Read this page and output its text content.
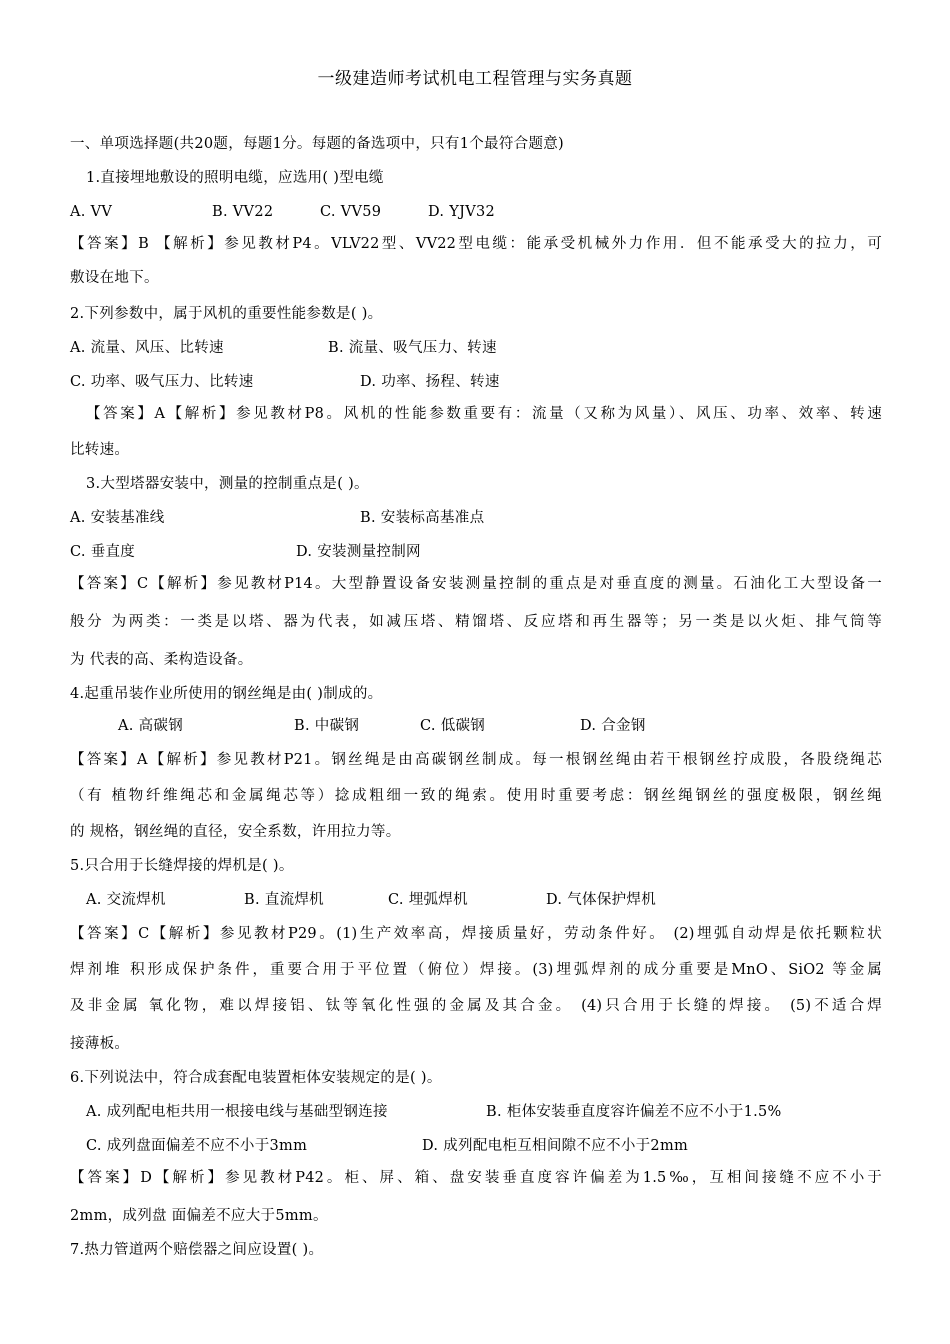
一级建造师考试机电工程管理与实务真题
一、单项选择题(共20题，每题1分。每题的备选项中，只有1个最符合题意)
1.直接埋地敷设的照明电缆，应选用( )型电缆
A. VV	B. VV22	C. VV59	D. YJV32
【答案】B 【解析】参见教材P4。VLV22型、VV22型电缆：能承受机械外力作用．但不能承受大的拉力，可
敷设在地下。
2.下列参数中，属于风机的重要性能参数是( )。
A. 流量、风压、比转速	B. 流量、吸气压力、转速
C. 功率、吸气压力、比转速	D. 功率、扬程、转速
【答案】A【解析】参见教材P8。风机的性能参数重要有：流量（又称为风量）、风压、功率、效率、转速
比转速。
3.大型塔器安装中，测量的控制重点是( )。
A. 安装基准线	B. 安装标高基准点
C. 垂直度	D. 安装测量控制网
【答案】C【解析】参见教材P14。大型静置设备安装测量控制的重点是对垂直度的测量。石油化工大型设备一
般分 为两类：一类是以塔、器为代表，如减压塔、精馏塔、反应塔和再生器等；另一类是以火炬、排气筒等
为 代表的高、柔构造设备。
4.起重吊装作业所使用的钢丝绳是由( )制成的。
A. 高碳钢	B. 中碳钢	C. 低碳钢	D. 合金钢
【答案】A【解析】参见教材P21。钢丝绳是由高碳钢丝制成。每一根钢丝绳由若干根钢丝拧成股，各股绕绳芯
（有 植物纤维绳芯和金属绳芯等）捻成粗细一致的绳索。使用时重要考虑：钢丝绳钢丝的强度极限，钢丝绳
的 规格，钢丝绳的直径，安全系数，许用拉力等。
5.只合用于长缝焊接的焊机是( )。
A. 交流焊机	B. 直流焊机	C. 埋弧焊机	D. 气体保护焊机
【答案】C【解析】参见教材P29。(1)生产效率高，焊接质量好，劳动条件好。 (2)埋弧自动焊是依托颗粒状
焊剂堆 积形成保护条件，重要合用于平位置（俯位）焊接。(3)埋弧焊剂的成分重要是MnO、SiO2 等金属
及非金属 氧化物，难以焊接铝、钛等氧化性强的金属及其合金。 (4)只合用于长缝的焊接。 (5)不适合焊
接薄板。
6.下列说法中，符合成套配电装置柜体安装规定的是( )。
A. 成列配电柜共用一根接电线与基础型钢连接	B. 柜体安装垂直度容许偏差不应不小于1.5%
C. 成列盘面偏差不应不小于3mm	D. 成列配电柜互相间隙不应不小于2mm
【答案】D【解析】参见教材P42。柜、屏、箱、盘安装垂直度容许偏差为1.5‰，互相间接缝不应不小于
2mm，成列盘 面偏差不应大于5mm。
7.热力管道两个赔偿器之间应设置( )。
